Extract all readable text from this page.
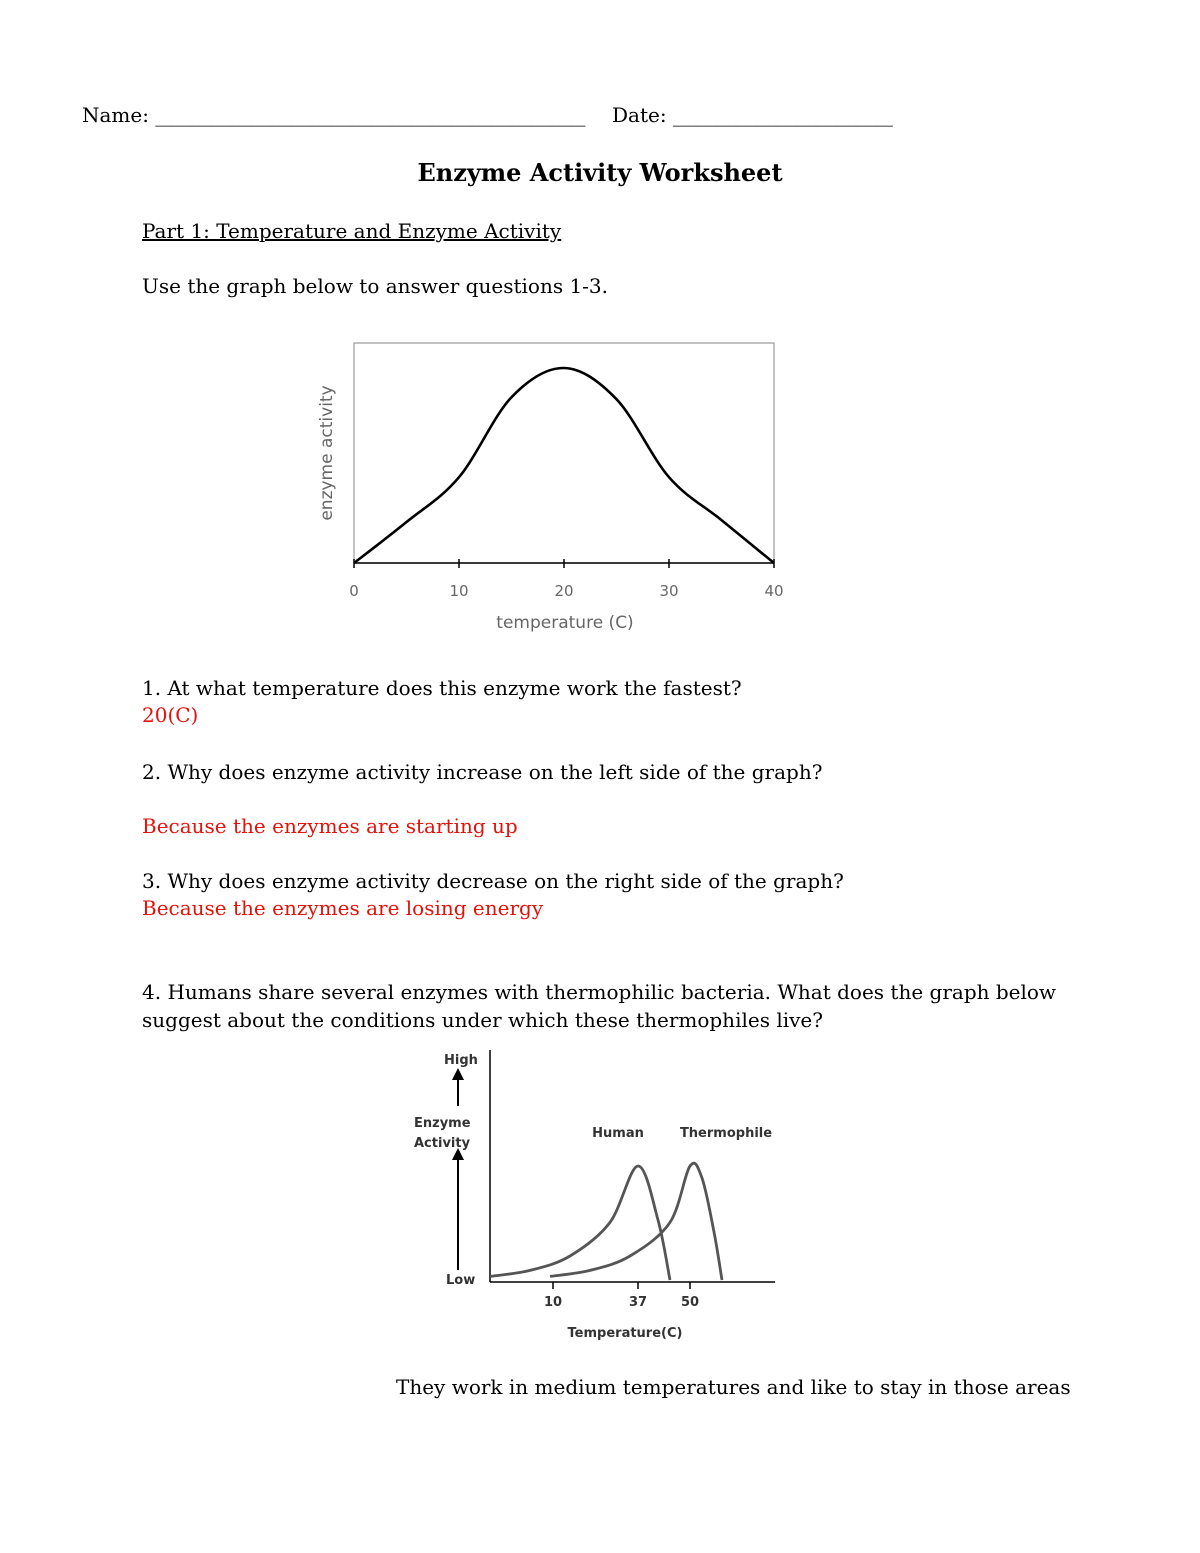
Name: ___________________________________________ Date: ______________________
Enzyme Activity Worksheet
Part 1: Temperature and Enzyme Activity
Use the graph below to answer questions 1-3.
0	10	20	30	40
temperature (C)
enzyme activity
1. At what temperature does this enzyme work the fastest?
20(C)
2. Why does enzyme activity increase on the left side of the graph?
Because the enzymes are starting up
3. Why does enzyme activity decrease on the right side of the graph?
Because the enzymes are losing energy
4. Humans share several enzymes with thermophilic bacteria. What does the graph below
suggest about the conditions under which these thermophiles live?
High
Low
Enzyme
Activity
10	37	50
Human	Thermophile
Temperature(C)
They work in medium temperatures and like to stay in those areas
